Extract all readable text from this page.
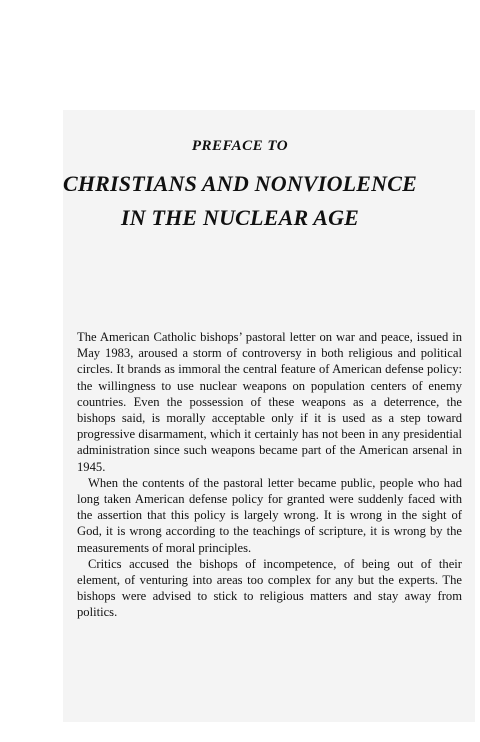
PREFACE TO
CHRISTIANS AND NONVIOLENCE
IN THE NUCLEAR AGE

The American Catholic bishops’ pastoral letter on war and peace, issued in May 1983, aroused a storm of controversy in both religious and political circles. It brands as immoral the central feature of American defense policy: the willingness to use nuclear weapons on population centers of enemy countries. Even the possession of these weapons as a deterrence, the bishops said, is morally acceptable only if it is used as a step toward progressive disarmament, which it certainly has not been in any presidential administration since such weapons became part of the American arsenal in 1945.

When the contents of the pastoral letter became public, people who had long taken American defense policy for granted were suddenly faced with the assertion that this policy is largely wrong. It is wrong in the sight of God, it is wrong according to the teachings of scripture, it is wrong by the measurements of moral principles.

Critics accused the bishops of incompetence, of being out of their element, of venturing into areas too complex for any but the experts. The bishops were advised to stick to religious matters and stay away from politics.
